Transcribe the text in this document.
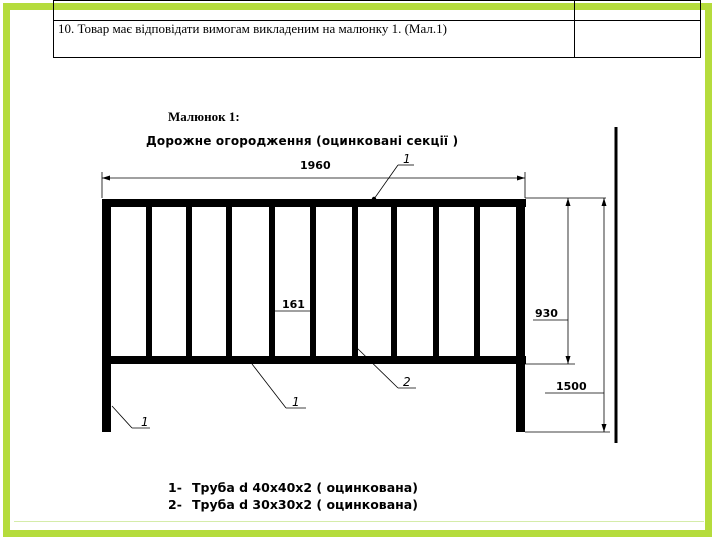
10. Товар має відповідати вимогам викладеним на малюнку 1. (Мал.1)	
Малюнок 1:
Дорожне огородження (оцинковані секції )
1960	1
161
930
1500
1
1
2
1- Труба d 40х40х2 ( оцинкована)
2- Труба d 30х30х2 ( оцинкована)
